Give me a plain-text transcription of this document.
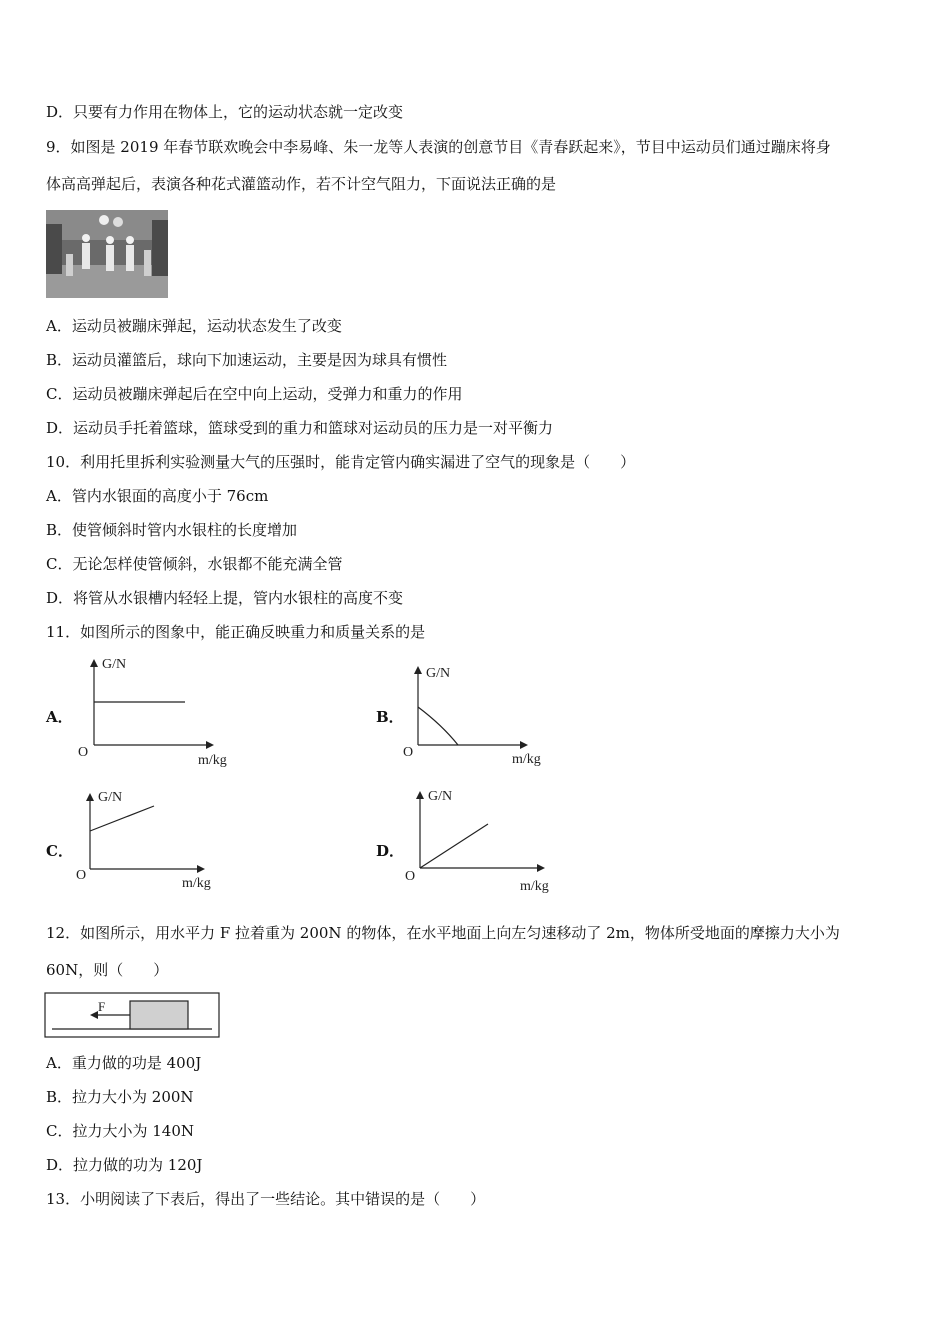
D．只要有力作用在物体上，它的运动状态就一定改变
9．如图是 2019 年春节联欢晚会中李易峰、朱一龙等人表演的创意节目《青春跃起来》，节目中运动员们通过蹦床将身
体高高弹起后，表演各种花式灌篮动作，若不计空气阻力，下面说法正确的是
A．运动员被蹦床弹起，运动状态发生了改变
B．运动员灌篮后，球向下加速运动，主要是因为球具有惯性
C．运动员被蹦床弹起后在空中向上运动，受弹力和重力的作用
D．运动员手托着篮球，篮球受到的重力和篮球对运动员的压力是一对平衡力
10．利用托里拆利实验测量大气的压强时，能肯定管内确实漏进了空气的现象是（　　）
A．管内水银面的高度小于 76cm
B．使管倾斜时管内水银柱的长度增加
C．无论怎样使管倾斜，水银都不能充满全管
D．将管从水银槽内轻轻上提，管内水银柱的高度不变
11．如图所示的图象中，能正确反映重力和质量关系的是
A．
G/N
O
m/kg
B．
G/N
O	m/kg
C．
G/N
O
m/kg
D．
G/N
O
m/kg
12．如图所示，用水平力 F 拉着重为 200N 的物体，在水平地面上向左匀速移动了 2m，物体所受地面的摩擦力大小为
60N，则（　　）
F
A．重力做的功是 400J
B．拉力大小为 200N
C．拉力大小为 140N
D．拉力做的功为 120J
13．小明阅读了下表后，得出了一些结论。其中错误的是（　　）
